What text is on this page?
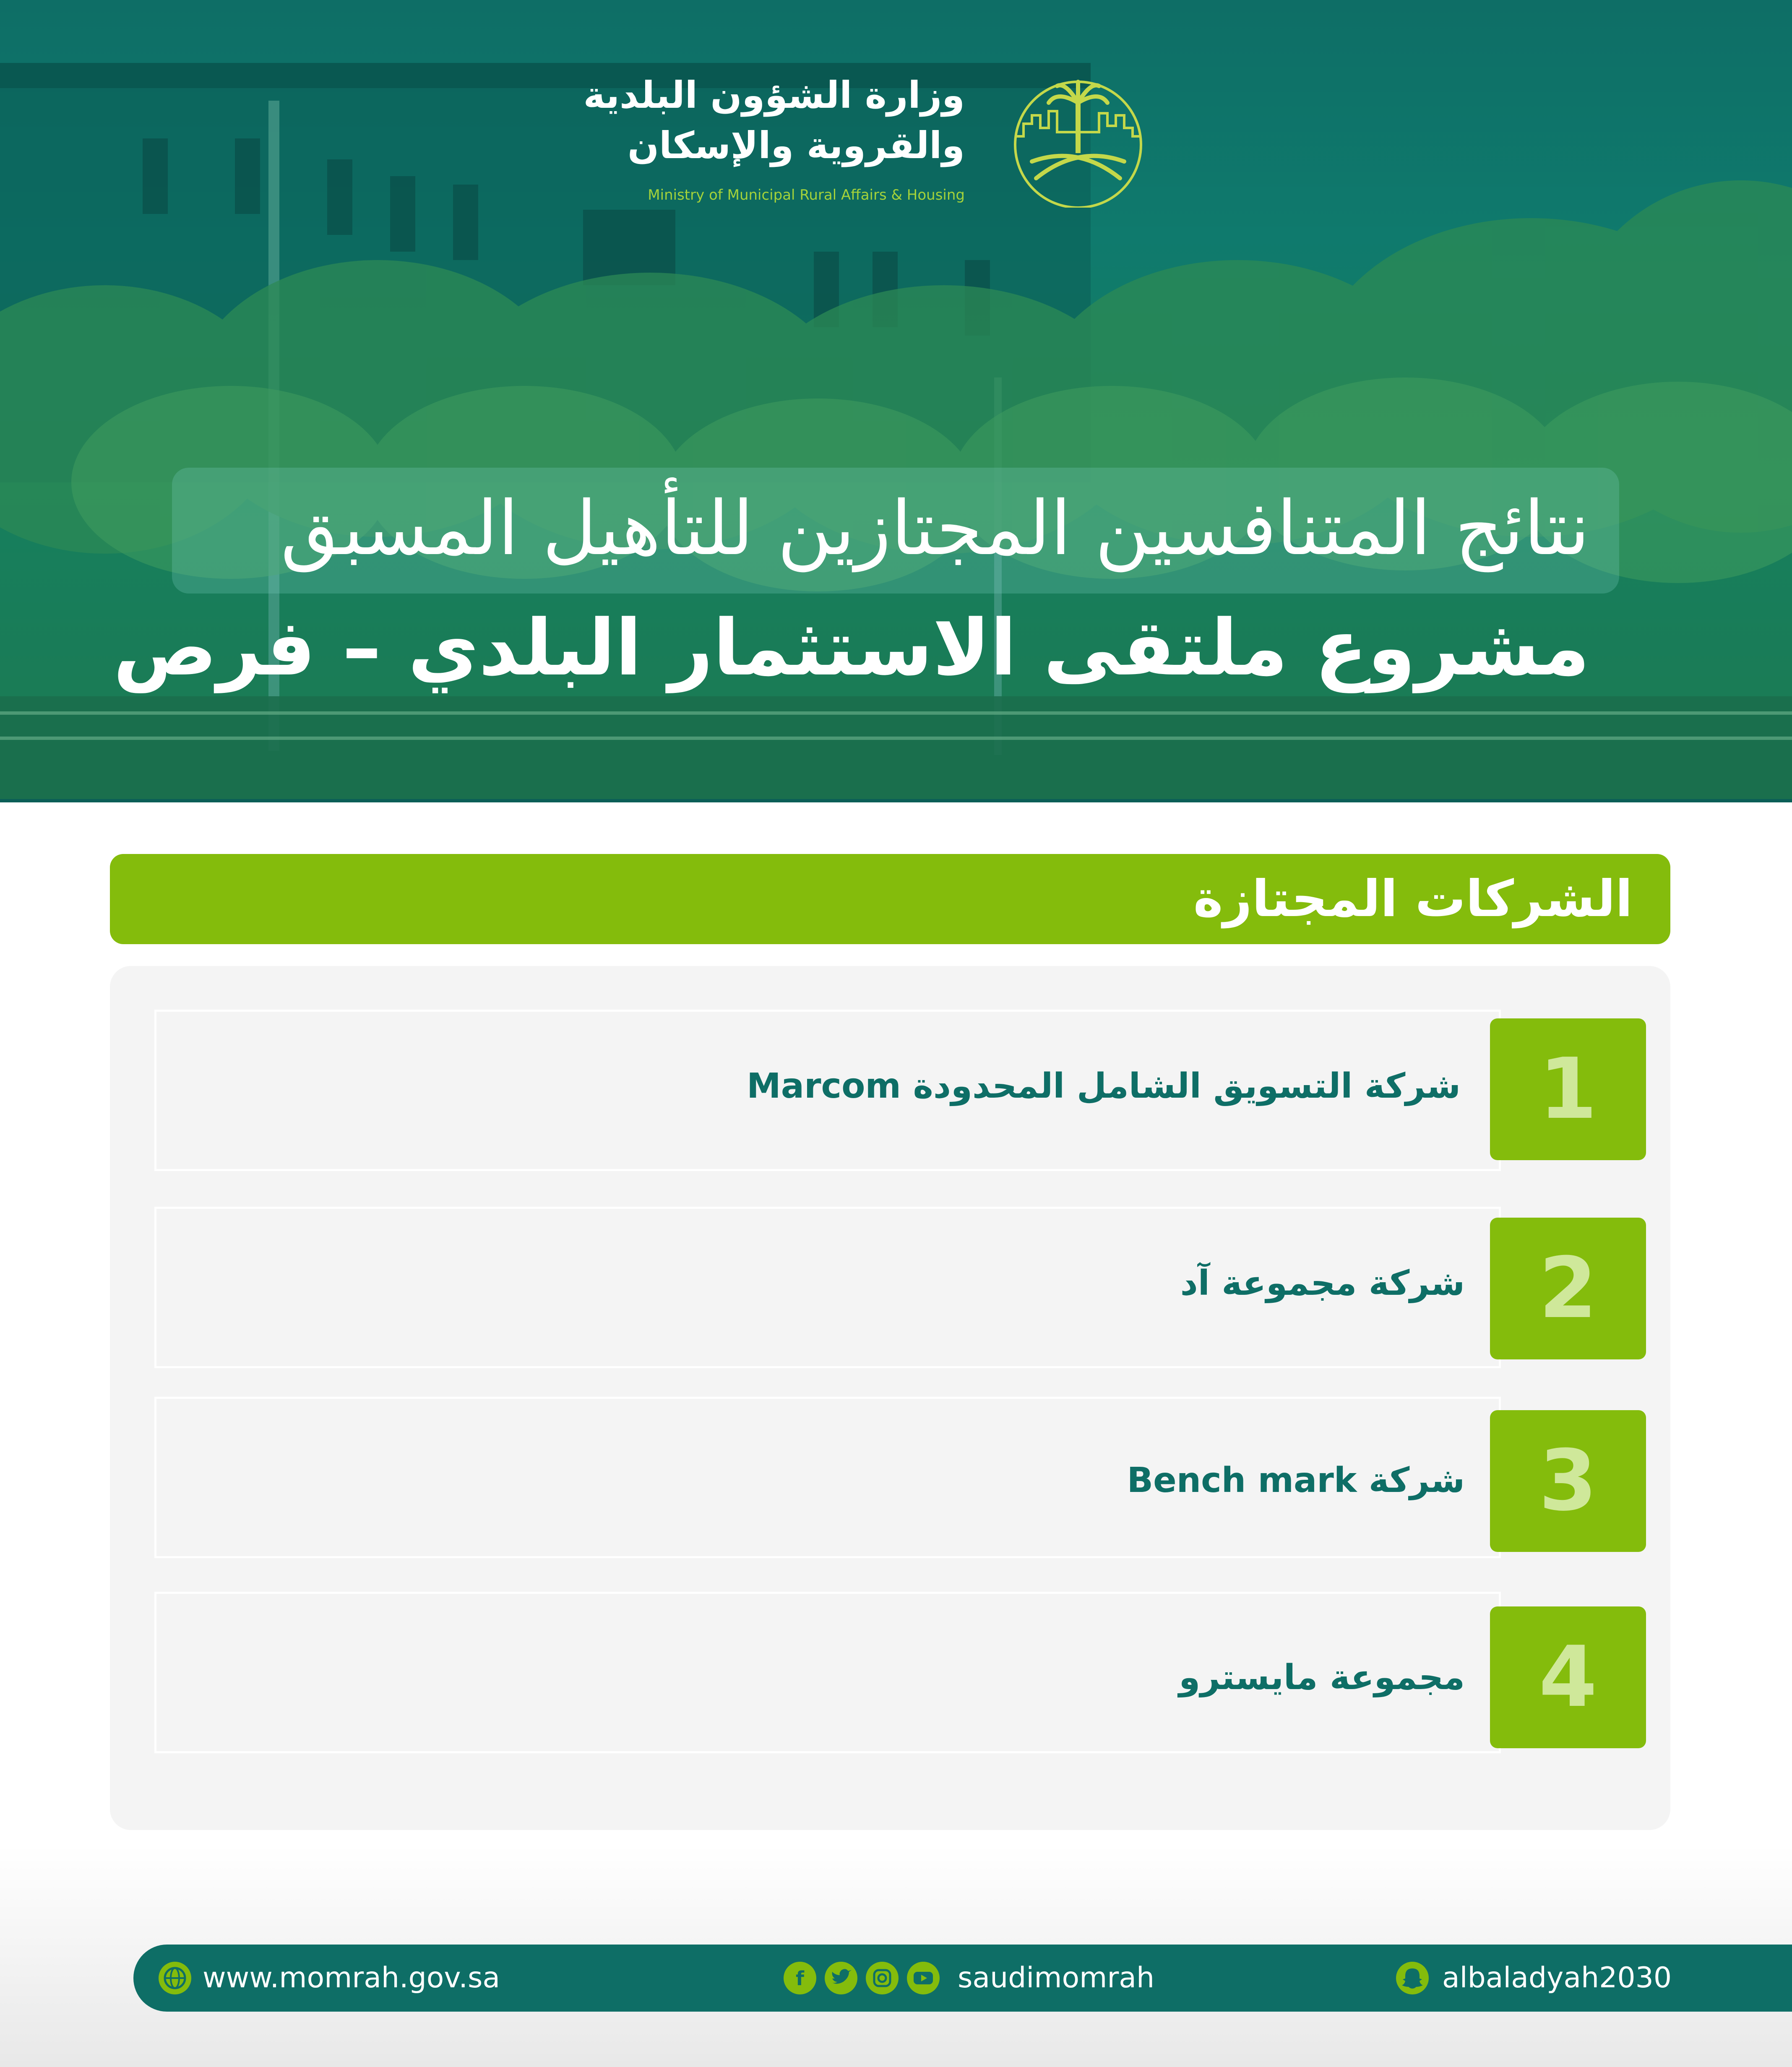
وزارة الشؤون البلدية
والقروية والإسكان
Ministry of Municipal Rural Affairs & Housing
نتائج المتنافسين المجتازين للتأهيل المسبق
مشروع ملتقى الاستثمار البلدي – فرص
الشركات المجتازة
1
شركة التسويق الشامل المحدودة Marcom
2
شركة مجموعة آد
3
شركة Bench mark
4
مجموعة مايسترو
www.momrah.gov.sa	f	saudimomrah	albaladyah2030
